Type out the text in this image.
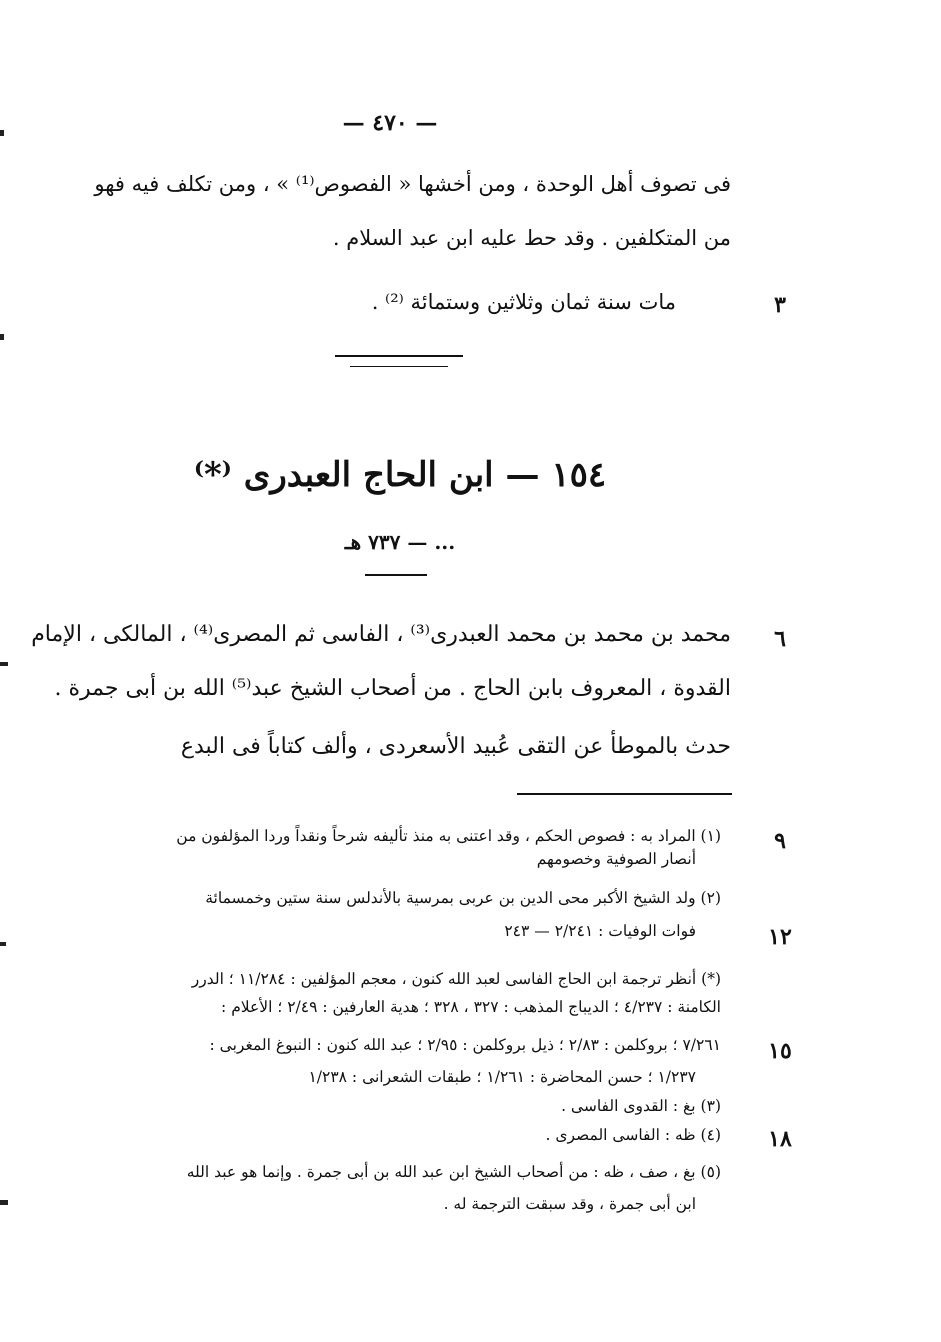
— ٤٧٠ —
فى تصوف أهل الوحدة ، ومن أخشها « الفصوص⁽¹⁾ » ، ومن تكلف فيه فهو
من المتكلفين . وقد حط عليه ابن عبد السلام .
مات سنة ثمان وثلاثين وستمائة ⁽²⁾ .	٣
١٥٤ — ابن الحاج العبدرى ⁽*⁾
... — ٧٣٧ هـ
محمد بن محمد بن محمد العبدرى⁽³⁾ ، الفاسى ثم المصرى⁽⁴⁾ ، المالكى ، الإمام	٦
القدوة ، المعروف بابن الحاج . من أصحاب الشيخ عبد⁽⁵⁾ الله بن أبى جمرة .
حدث بالموطأ عن التقى عُبيد الأسعردى ، وألف كتاباً فى البدع
(١) المراد به : فصوص الحكم ، وقد اعتنى به منذ تأليفه شرحاً ونقداً وردا المؤلفون من	٩
أنصار الصوفية وخصومهم
(٢) ولد الشيخ الأكبر محى الدين بن عربى بمرسية بالأندلس سنة ستين وخمسمائة
فوات الوفيات : ٢/٢٤١ — ٢٤٣	١٢
(*) أنظر ترجمة ابن الحاج الفاسى لعبد الله كنون ، معجم المؤلفين : ١١/٢٨٤ ؛ الدرر
الكامنة : ٤/٢٣٧ ؛ الديباج المذهب : ٣٢٧ ، ٣٢٨ ؛ هدية العارفين : ٢/٤٩ ؛ الأعلام :
٧/٢٦١ ؛ بروكلمن : ٢/٨٣ ؛ ذيل بروكلمن : ٢/٩٥ ؛ عبد الله كنون : النبوغ المغربى :	١٥
١/٢٣٧ ؛ حسن المحاضرة : ١/٢٦١ ؛ طبقات الشعرانى : ١/٢٣٨
(٣) بغ : القدوى الفاسى .
(٤) ظه : الفاسى المصرى .	١٨
(٥) بغ ، صف ، ظه : من أصحاب الشيخ ابن عبد الله بن أبى جمرة . وإنما هو عبد الله
ابن أبى جمرة ، وقد سبقت الترجمة له .
